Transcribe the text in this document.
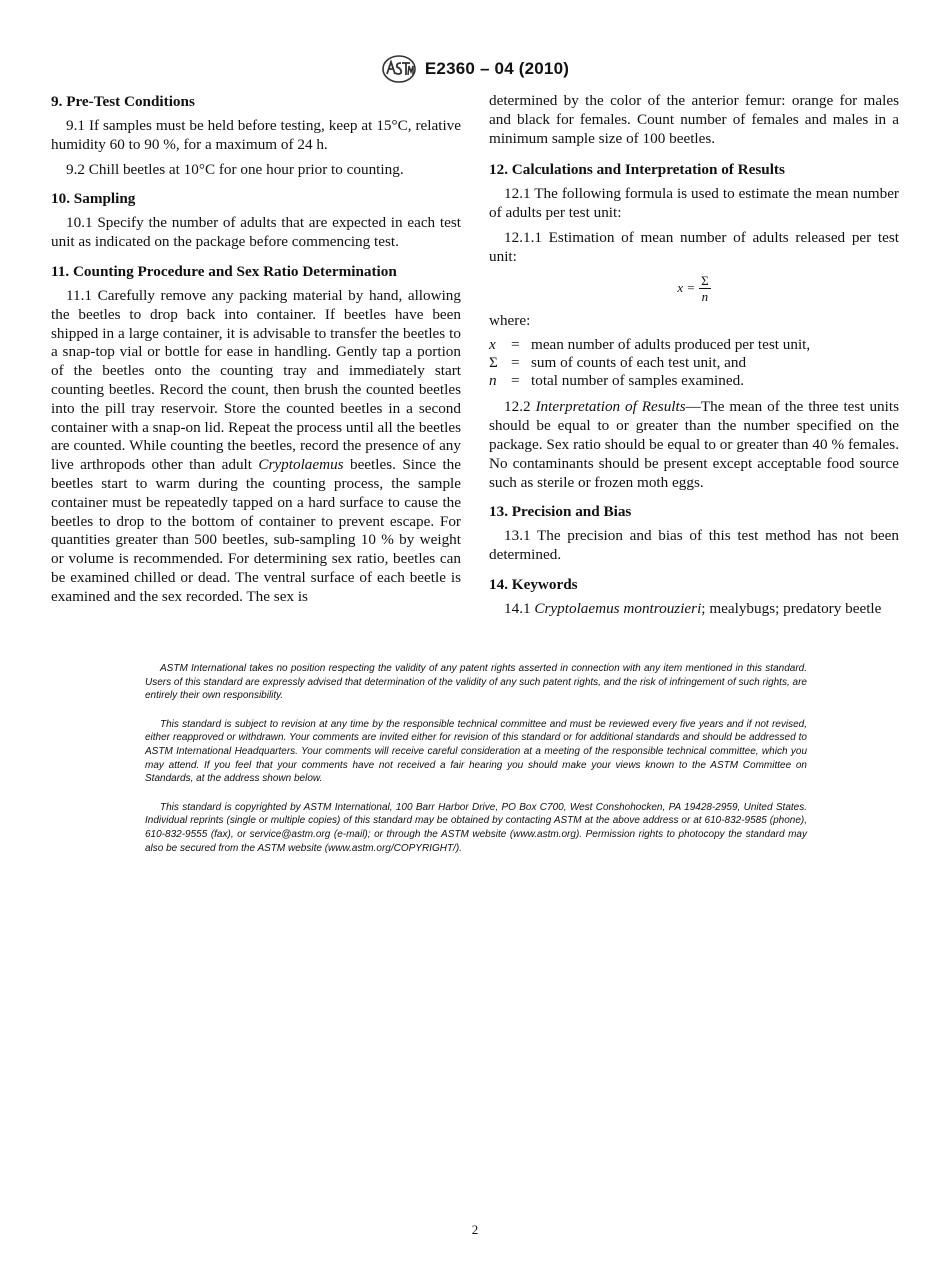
E2360 – 04 (2010)
9. Pre-Test Conditions

9.1 If samples must be held before testing, keep at 15°C, relative humidity 60 to 90 %, for a maximum of 24 h.

9.2 Chill beetles at 10°C for one hour prior to counting.

10. Sampling

10.1 Specify the number of adults that are expected in each test unit as indicated on the package before commencing test.

11. Counting Procedure and Sex Ratio Determination

11.1 Carefully remove any packing material by hand, allowing the beetles to drop back into container. If beetles have been shipped in a large container, it is advisable to transfer the beetles to a snap-top vial or bottle for ease in handling. Gently tap a portion of the beetles onto the counting tray and immediately start counting beetles. Record the count, then brush the counted beetles into the pill tray reservoir. Store the counted beetles in a second container with a snap-on lid. Repeat the process until all the beetles are counted. While counting the beetles, record the presence of any live arthropods other than adult Cryptolaemus beetles. Since the beetles start to warm during the counting process, the sample container must be repeatedly tapped on a hard surface to cause the beetles to drop to the bottom of container to prevent escape. For quantities greater than 500 beetles, sub-sampling 10 % by weight or volume is recommended. For determining sex ratio, beetles can be examined chilled or dead. The ventral surface of each beetle is examined and the sex recorded. The sex is

determined by the color of the anterior femur: orange for males and black for females. Count number of females and males in a minimum sample size of 100 beetles.

12. Calculations and Interpretation of Results

12.1 The following formula is used to estimate the mean number of adults per test unit:

12.1.1 Estimation of mean number of adults released per test unit:

$x = \frac{\Sigma}{n}$

where:

x	= mean number of adults produced per test unit,
Σ = sum of counts of each test unit, and
n = total number of samples examined.

12.2 Interpretation of Results—The mean of the three test units should be equal to or greater than the number specified on the package. Sex ratio should be equal to or greater than 40 % females. No contaminants should be present except acceptable food source such as sterile or frozen moth eggs.

13. Precision and Bias

13.1 The precision and bias of this test method has not been determined.

14. Keywords

14.1 Cryptolaemus montrouzieri; mealybugs; predatory beetle

ASTM International takes no position respecting the validity of any patent rights asserted in connection with any item mentioned in this standard. Users of this standard are expressly advised that determination of the validity of any such patent rights, and the risk of infringement of such rights, are entirely their own responsibility.

This standard is subject to revision at any time by the responsible technical committee and must be reviewed every five years and if not revised, either reapproved or withdrawn. Your comments are invited either for revision of this standard or for additional standards and should be addressed to ASTM International Headquarters. Your comments will receive careful consideration at a meeting of the responsible technical committee, which you may attend. If you feel that your comments have not received a fair hearing you should make your views known to the ASTM Committee on Standards, at the address shown below.

This standard is copyrighted by ASTM International, 100 Barr Harbor Drive, PO Box C700, West Conshohocken, PA 19428-2959, United States. Individual reprints (single or multiple copies) of this standard may be obtained by contacting ASTM at the above address or at 610-832-9585 (phone), 610-832-9555 (fax), or service@astm.org (e-mail); or through the ASTM website (www.astm.org). Permission rights to photocopy the standard may also be secured from the ASTM website (www.astm.org/COPYRIGHT/).

2
